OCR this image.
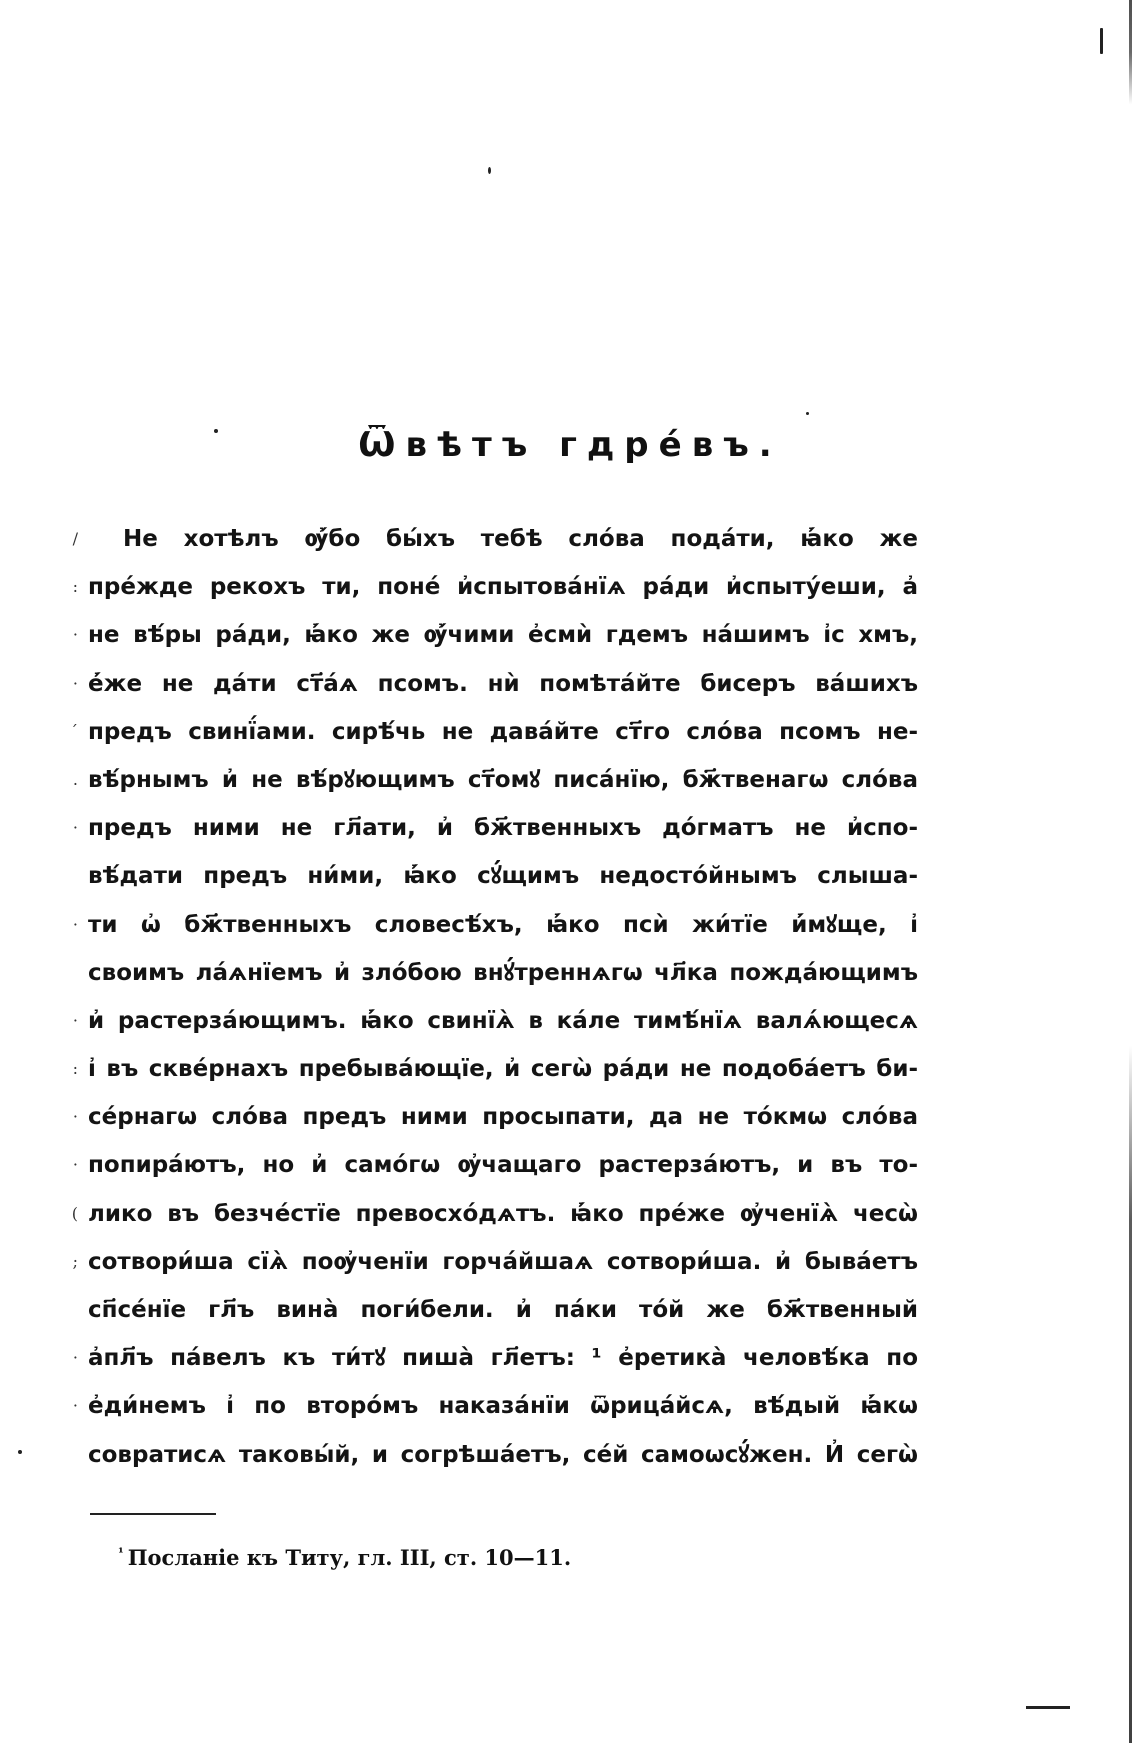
Ѿвѣтъ гдре́въ.
/
:
·
·
´
.
·
·
·
:
·
·
(
;
·
·
Не хотѣлъ ѹ҆́бо бы́хъ тебѣ сло́ва пода́ти, ꙗ҆́ко же
пре́жде рекохъ ти, поне́ и҆спытова́нїѧ ра́ди и҆спыту́еши, а҆
не вѣ́ры ра́ди, ꙗ҆́ко же ѹ҆́чими е҆смѝ гдемъ на́шимъ і҆с хмъ,
е҆́же не да́ти ст҃а́ѧ псомъ. нѝ помѣта́йте бисеръ ва́шихъ
предъ свинї́ами. сирѣ́чь не дава́йте ст҃го сло́ва псомъ не-
вѣ́рнымъ и҆ не вѣ́рꙋющимъ ст҃омꙋ писа́нїю, бж҃твенагѡ сло́ва
предъ ними не гл҃ати, и҆ бж҃твенныхъ до́гматъ не и҆спо-
вѣ́дати предъ ни́ми, ꙗ҆́ко сꙋ́щимъ недосто́йнымъ слыша-
ти ѡ҆ бж҃твенныхъ словесѣ́хъ, ꙗ҆́ко псѝ жи́тїе и҆́мꙋще, і҆
своимъ ла́ѧнїемъ и҆ зло́бою внꙋ́треннѧгѡ чл҃ка пожда́ющимъ
и҆ растерза́ющимъ. ꙗ҆́ко свинїѧ̀ в ка́ле тимѣ́нїѧ валѧ́ющесѧ
і҆ въ скве́рнахъ пребыва́ющїе, и҆ сегѡ̀ ра́ди не подоба́етъ би-
се́рнагѡ сло́ва предъ ними просыпати, да не то́кмѡ сло́ва
попира́ютъ, но и҆ само́гѡ ѹ҆чащаго растерза́ютъ, и въ то-
лико въ безче́стїе превосхо́дѧтъ. ꙗ҆́ко пре́же ѹ҆ченїѧ̀ чесѡ̀
сотвори́ша сїѧ̀ поѹ҆ченїи горча́йшаѧ сотвори́ша. и҆ быва́етъ
сп҃се́нїе гл҃ъ вина̀ поги́бели. и҆ па́ки то́й же бж҃твенный
а҆пл҃ъ па́велъ къ ти́тꙋ пиша̀ гл҃етъ: ¹ е҆ретика̀ человѣ́ка по
е҆ди́немъ і҆ по второ́мъ наказа́нїи ѿрица́йсѧ, вѣ́дый ꙗ҆́кѡ
совратисѧ таковы́й, и согрѣша́етъ, се́й самоѡсꙋ́жен. И҆ сегѡ̀
$^{^1}$ Посланіе къ Титу, гл. III, ст. 10—11.
